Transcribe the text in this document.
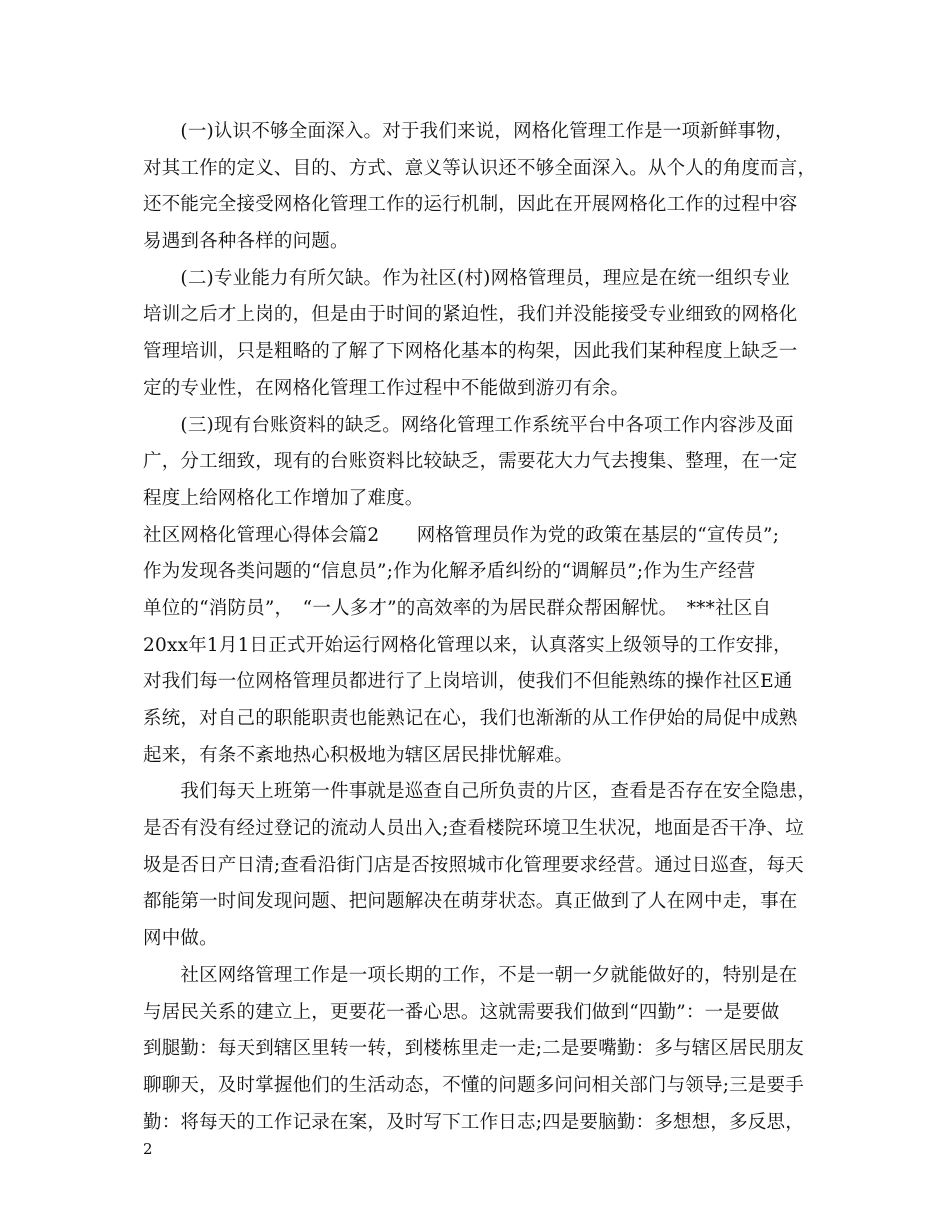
　　(一)认识不够全面深入。对于我们来说，网格化管理工作是一项新鲜事物，
对其工作的定义、目的、方式、意义等认识还不够全面深入。从个人的角度而言，
还不能完全接受网格化管理工作的运行机制，因此在开展网格化工作的过程中容
易遇到各种各样的问题。
　　(二)专业能力有所欠缺。作为社区(村)网格管理员，理应是在统一组织专业
培训之后才上岗的，但是由于时间的紧迫性，我们并没能接受专业细致的网格化
管理培训，只是粗略的了解了下网格化基本的构架，因此我们某种程度上缺乏一
定的专业性，在网格化管理工作过程中不能做到游刃有余。
　　(三)现有台账资料的缺乏。网络化管理工作系统平台中各项工作内容涉及面
广，分工细致，现有的台账资料比较缺乏，需要花大力气去搜集、整理，在一定
程度上给网格化工作增加了难度。
社区网格化管理心得体会篇2　　网格管理员作为党的政策在基层的“宣传员”;
作为发现各类问题的“信息员”;作为化解矛盾纠纷的“调解员”;作为生产经营
单位的“消防员”，　“一人多才”的高效率的为居民群众帮困解忧。　***社区自
20xx年1月1日正式开始运行网格化管理以来，认真落实上级领导的工作安排，
对我们每一位网格管理员都进行了上岗培训，使我们不但能熟练的操作社区E通
系统，对自己的职能职责也能熟记在心，我们也渐渐的从工作伊始的局促中成熟
起来，有条不紊地热心积极地为辖区居民排忧解难。
　　我们每天上班第一件事就是巡查自己所负责的片区，查看是否存在安全隐患，
是否有没有经过登记的流动人员出入;查看楼院环境卫生状况，地面是否干净、垃
圾是否日产日清;查看沿街门店是否按照城市化管理要求经营。通过日巡查，每天
都能第一时间发现问题、把问题解决在萌芽状态。真正做到了人在网中走，事在
网中做。
　　社区网络管理工作是一项长期的工作，不是一朝一夕就能做好的，特别是在
与居民关系的建立上，更要花一番心思。这就需要我们做到“四勤”：一是要做
到腿勤：每天到辖区里转一转，到楼栋里走一走;二是要嘴勤：多与辖区居民朋友
聊聊天，及时掌握他们的生活动态，不懂的问题多问问相关部门与领导;三是要手
勤：将每天的工作记录在案，及时写下工作日志;四是要脑勤：多想想，多反思，
2
